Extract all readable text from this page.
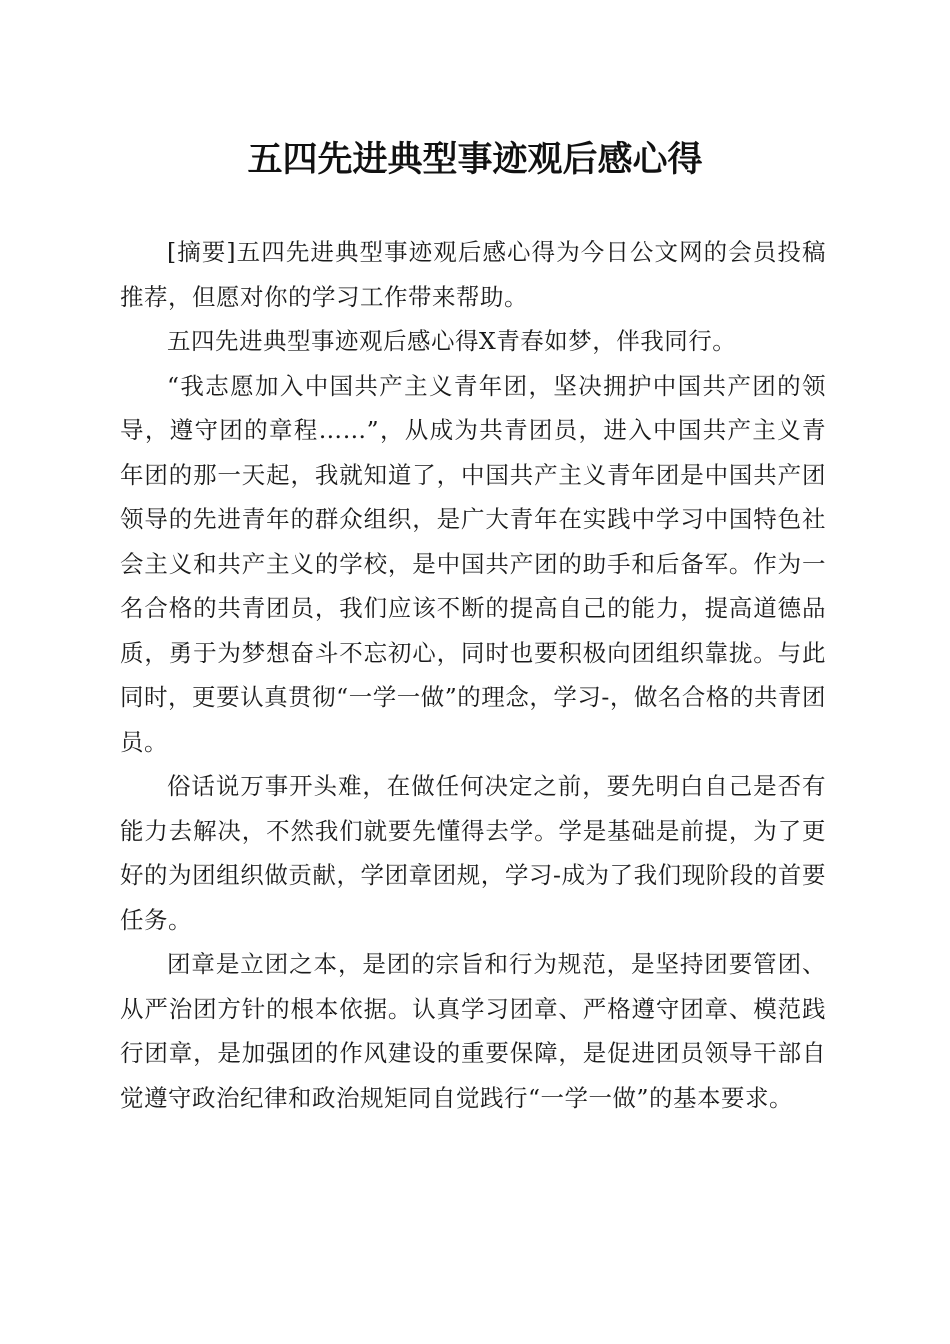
五四先进典型事迹观后感心得

[摘要]五四先进典型事迹观后感心得为今日公文网的会员投稿推荐，但愿对你的学习工作带来帮助。

五四先进典型事迹观后感心得X青春如梦，伴我同行。

“我志愿加入中国共产主义青年团，坚决拥护中国共产团的领导，遵守团的章程……”，从成为共青团员，进入中国共产主义青年团的那一天起，我就知道了，中国共产主义青年团是中国共产团领导的先进青年的群众组织，是广大青年在实践中学习中国特色社会主义和共产主义的学校，是中国共产团的助手和后备军。作为一名合格的共青团员，我们应该不断的提高自己的能力，提高道德品质，勇于为梦想奋斗不忘初心，同时也要积极向团组织靠拢。与此同时，更要认真贯彻“一学一做”的理念，学习-，做名合格的共青团员。

俗话说万事开头难，在做任何决定之前，要先明白自己是否有能力去解决，不然我们就要先懂得去学。学是基础是前提，为了更好的为团组织做贡献，学团章团规，学习-成为了我们现阶段的首要任务。

团章是立团之本，是团的宗旨和行为规范，是坚持团要管团、从严治团方针的根本依据。认真学习团章、严格遵守团章、模范践行团章，是加强团的作风建设的重要保障，是促进团员领导干部自觉遵守政治纪律和政治规矩同自觉践行“一学一做”的基本要求。
